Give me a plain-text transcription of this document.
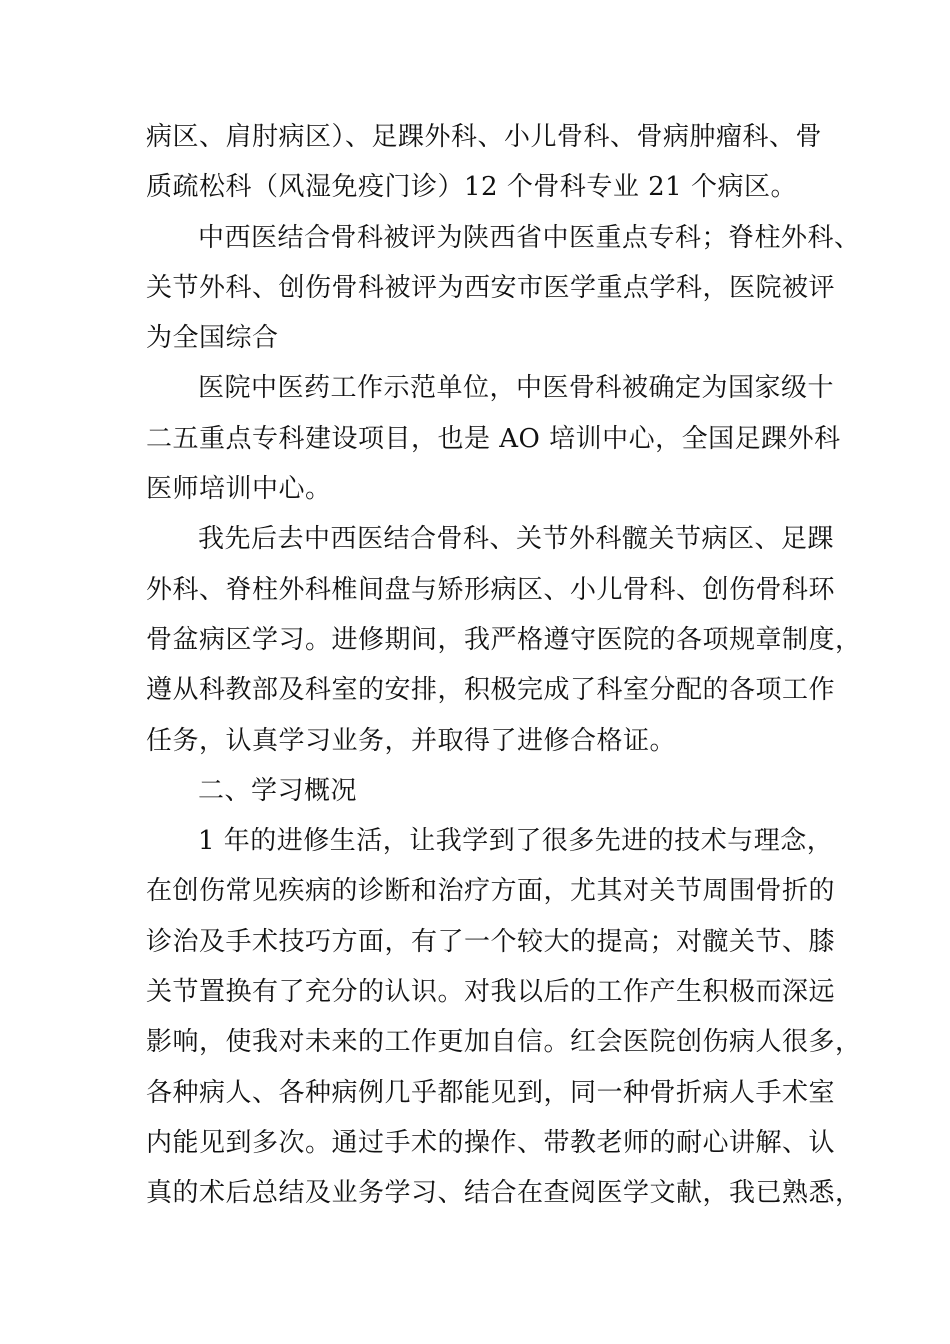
病区、肩肘病区）、足踝外科、小儿骨科、骨病肿瘤科、骨
质疏松科（风湿免疫门诊）12 个骨科专业 21 个病区。
中西医结合骨科被评为陕西省中医重点专科；脊柱外科、
关节外科、创伤骨科被评为西安市医学重点学科，医院被评
为全国综合
医院中医药工作示范单位，中医骨科被确定为国家级十
二五重点专科建设项目，也是 AO 培训中心，全国足踝外科
医师培训中心。
我先后去中西医结合骨科、关节外科髋关节病区、足踝
外科、脊柱外科椎间盘与矫形病区、小儿骨科、创伤骨科环
骨盆病区学习。进修期间，我严格遵守医院的各项规章制度，
遵从科教部及科室的安排，积极完成了科室分配的各项工作
任务，认真学习业务，并取得了进修合格证。
二、学习概况
1 年的进修生活，让我学到了很多先进的技术与理念，
在创伤常见疾病的诊断和治疗方面，尤其对关节周围骨折的
诊治及手术技巧方面，有了一个较大的提高；对髋关节、膝
关节置换有了充分的认识。对我以后的工作产生积极而深远
影响，使我对未来的工作更加自信。红会医院创伤病人很多，
各种病人、各种病例几乎都能见到，同一种骨折病人手术室
内能见到多次。通过手术的操作、带教老师的耐心讲解、认
真的术后总结及业务学习、结合在查阅医学文献，我已熟悉，
